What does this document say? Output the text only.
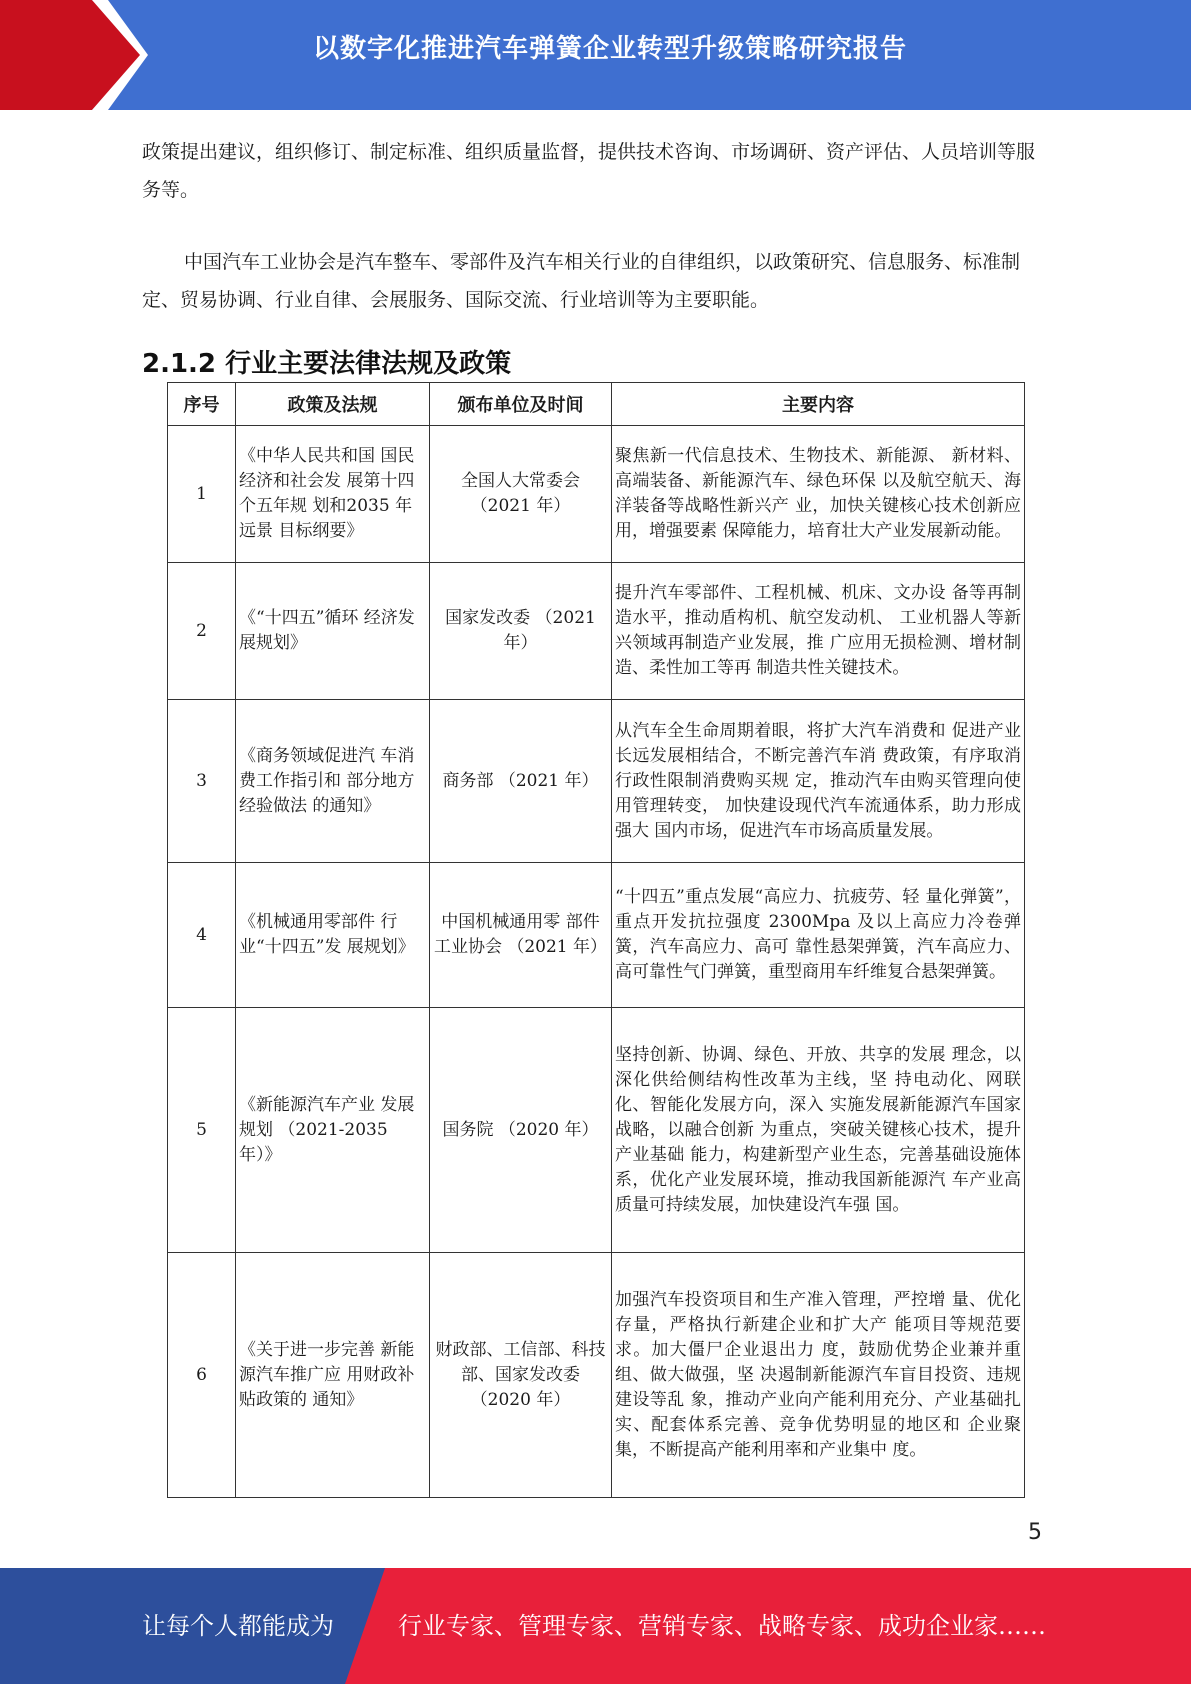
以数字化推进汽车弹簧企业转型升级策略研究报告

政策提出建议，组织修订、制定标准、组织质量监督，提供技术咨询、市场调研、资产评估、人员培训等服务等。

中国汽车工业协会是汽车整车、零部件及汽车相关行业的自律组织，以政策研究、信息服务、标准制定、贸易协调、行业自律、会展服务、国际交流、行业培训等为主要职能。

2.1.2 行业主要法律法规及政策
序号	政策及法规	颁布单位及时间	主要内容
1	《中华人民共和国 国民经济和社会发 展第十四个五年规 划和2035 年远景 目标纲要》	全国人大常委会 （2021 年）	聚焦新一代信息技术、生物技术、新能源、 新材料、高端装备、新能源汽车、绿色环保 以及航空航天、海洋装备等战略性新兴产 业，加快关键核心技术创新应用，增强要素 保障能力，培育壮大产业发展新动能。
2	《“十四五”循环 经济发展规划》	国家发改委 （2021 年）	提升汽车零部件、工程机械、机床、文办设 备等再制造水平，推动盾构机、航空发动机、 工业机器人等新兴领域再制造产业发展，推 广应用无损检测、增材制造、柔性加工等再 制造共性关键技术。
3	《商务领域促进汽 车消费工作指引和 部分地方经验做法 的通知》	商务部 （2021 年）	从汽车全生命周期着眼，将扩大汽车消费和 促进产业长远发展相结合，不断完善汽车消 费政策，有序取消行政性限制消费购买规 定，推动汽车由购买管理向使用管理转变， 加快建设现代汽车流通体系，助力形成强大 国内市场，促进汽车市场高质量发展。
4	《机械通用零部件 行业“十四五”发 展规划》	中国机械通用零 部件工业协会 （2021 年）	“十四五”重点发展“高应力、抗疲劳、轻 量化弹簧”，重点开发抗拉强度 2300Mpa 及以上高应力冷卷弹簧，汽车高应力、高可 靠性悬架弹簧，汽车高应力、高可靠性气门弹簧，重型商用车纤维复合悬架弹簧。
5	《新能源汽车产业 发展规划 （2021-2035 年）》	国务院 （2020 年）	坚持创新、协调、绿色、开放、共享的发展 理念，以深化供给侧结构性改革为主线，坚 持电动化、网联化、智能化发展方向，深入 实施发展新能源汽车国家战略，以融合创新 为重点，突破关键核心技术，提升产业基础 能力，构建新型产业生态，完善基础设施体 系，优化产业发展环境，推动我国新能源汽 车产业高质量可持续发展，加快建设汽车强 国。
6	《关于进一步完善 新能源汽车推广应 用财政补贴政策的 通知》	财政部、工信部、科技部、国家发改委 （2020 年）	加强汽车投资项目和生产准入管理，严控增 量、优化存量，严格执行新建企业和扩大产 能项目等规范要求。加大僵尸企业退出力 度，鼓励优势企业兼并重组、做大做强，坚 决遏制新能源汽车盲目投资、违规建设等乱 象，推动产业向产能利用充分、产业基础扎 实、配套体系完善、竞争优势明显的地区和 企业聚集，不断提高产能利用率和产业集中 度。
5
让每个人都能成为	行业专家、管理专家、营销专家、战略专家、成功企业家……
